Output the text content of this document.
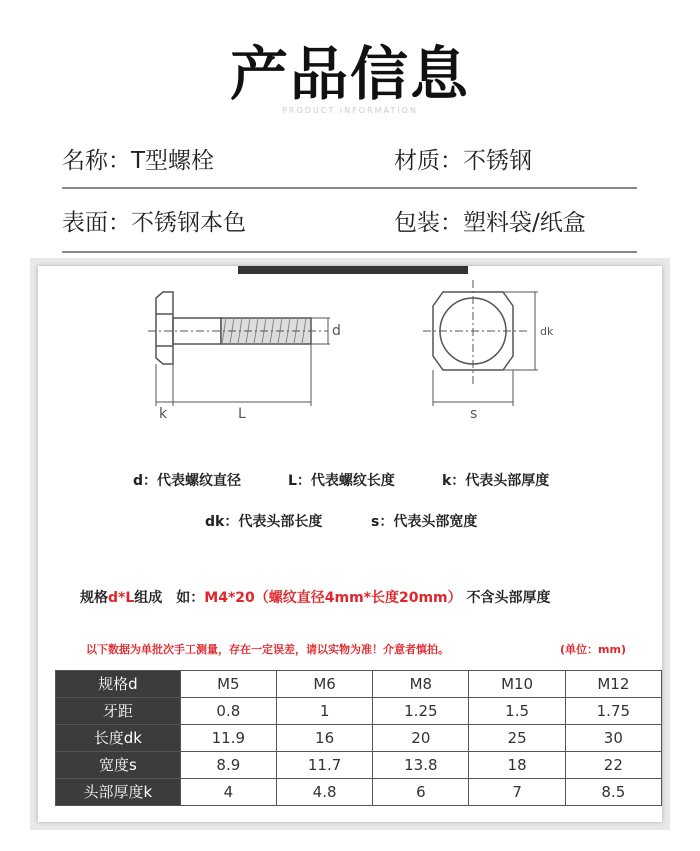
产品信息
PRODUCT INFORMATION
名称：T型螺栓	材质：不锈钢
表面：不锈钢本色	包装：塑料袋/纸盒
d
k	L
dk
s
d：代表螺纹直径	L：代表螺纹长度	k：代表头部厚度
dk：代表头部长度	s：代表头部宽度
规格d*L组成　如：M4*20（螺纹直径4mm*长度20mm） 不含头部厚度
以下数据为单批次手工测量，存在一定误差，请以实物为准！介意者慎拍。	(单位：mm)
规格d	M5	M6	M8	M10	M12
牙距	0.8	1	1.25	1.5	1.75
长度dk	11.9	16	20	25	30
宽度s	8.9	11.7	13.8	18	22
头部厚度k	4	4.8	6	7	8.5
